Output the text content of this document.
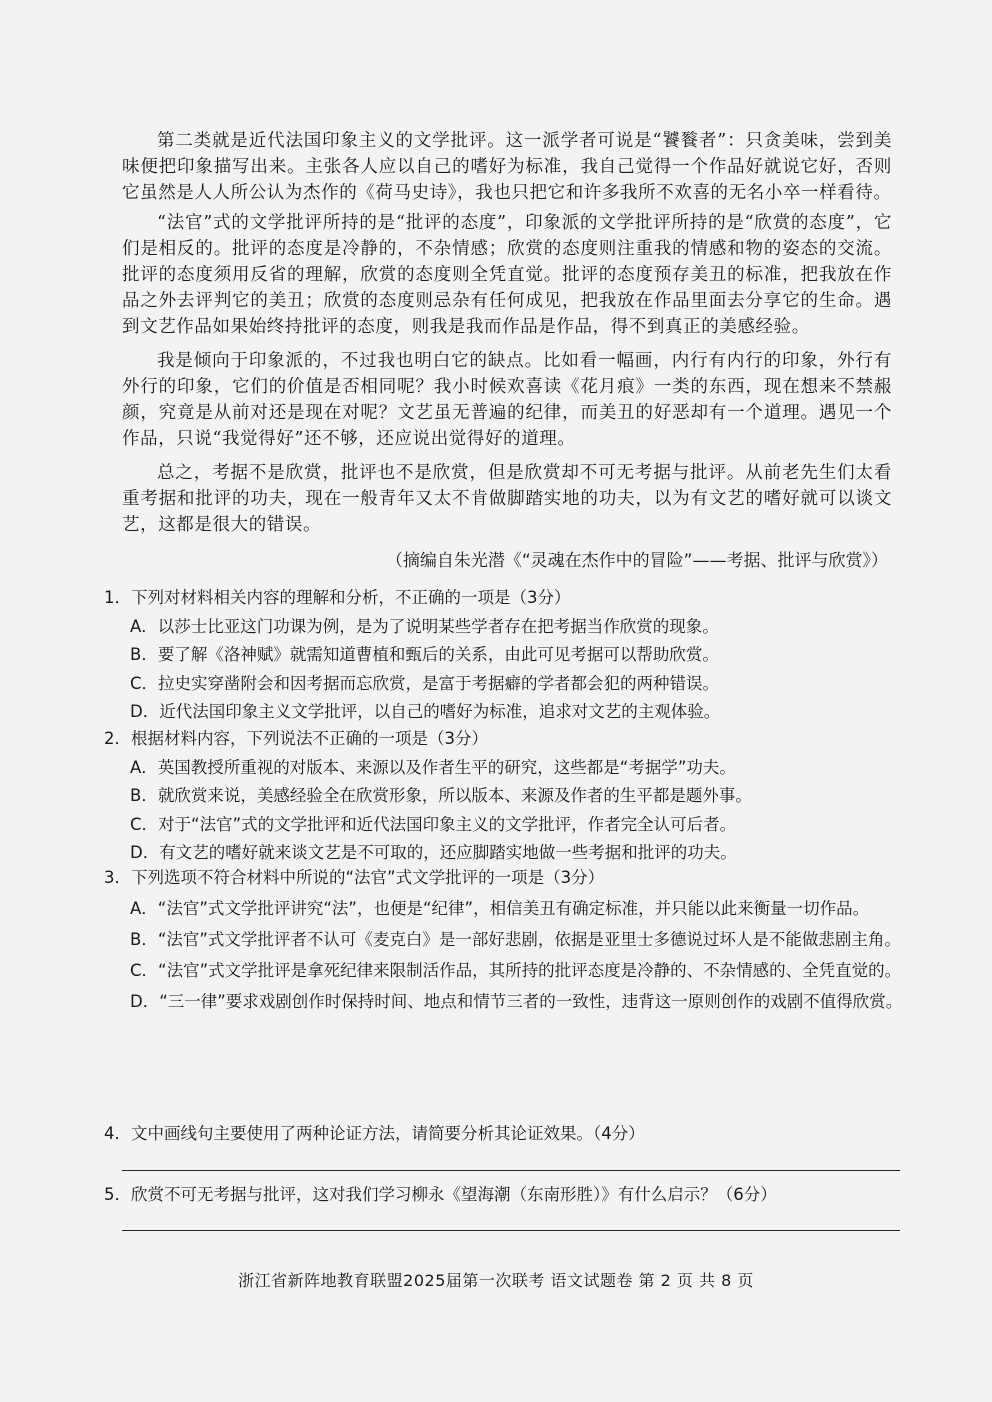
第二类就是近代法国印象主义的文学批评。这一派学者可说是“饕餮者”：只贪美味，尝到美味便把印象描写出来。主张各人应以自己的嗜好为标准，我自己觉得一个作品好就说它好，否则它虽然是人人所公认为杰作的《荷马史诗》，我也只把它和许多我所不欢喜的无名小卒一样看待。
“法官”式的文学批评所持的是“批评的态度”，印象派的文学批评所持的是“欣赏的态度”，它们是相反的。批评的态度是冷静的，不杂情感；欣赏的态度则注重我的情感和物的姿态的交流。批评的态度须用反省的理解，欣赏的态度则全凭直觉。批评的态度预存美丑的标准，把我放在作品之外去评判它的美丑；欣赏的态度则忌杂有任何成见，把我放在作品里面去分享它的生命。遇到文艺作品如果始终持批评的态度，则我是我而作品是作品，得不到真正的美感经验。
我是倾向于印象派的，不过我也明白它的缺点。比如看一幅画，内行有内行的印象，外行有外行的印象，它们的价值是否相同呢？我小时候欢喜读《花月痕》一类的东西，现在想来不禁赧颜，究竟是从前对还是现在对呢？文艺虽无普遍的纪律，而美丑的好恶却有一个道理。遇见一个作品，只说“我觉得好”还不够，还应说出觉得好的道理。
总之，考据不是欣赏，批评也不是欣赏，但是欣赏却不可无考据与批评。从前老先生们太看重考据和批评的功夫，现在一般青年又太不肯做脚踏实地的功夫，以为有文艺的嗜好就可以谈文艺，这都是很大的错误。
（摘编自朱光潜《“灵魂在杰作中的冒险”——考据、批评与欣赏》）
1．下列对材料相关内容的理解和分析，不正确的一项是（3分）
A．以莎士比亚这门功课为例，是为了说明某些学者存在把考据当作欣赏的现象。
B．要了解《洛神赋》就需知道曹植和甄后的关系，由此可见考据可以帮助欣赏。
C．拉史实穿凿附会和因考据而忘欣赏，是富于考据癖的学者都会犯的两种错误。
D．近代法国印象主义文学批评，以自己的嗜好为标准，追求对文艺的主观体验。
2．根据材料内容，下列说法不正确的一项是（3分）
A．英国教授所重视的对版本、来源以及作者生平的研究，这些都是“考据学”功夫。
B．就欣赏来说，美感经验全在欣赏形象，所以版本、来源及作者的生平都是题外事。
C．对于“法官”式的文学批评和近代法国印象主义的文学批评，作者完全认可后者。
D．有文艺的嗜好就来谈文艺是不可取的，还应脚踏实地做一些考据和批评的功夫。
3．下列选项不符合材料中所说的“法官”式文学批评的一项是（3分）
A．“法官”式文学批评讲究“法”，也便是“纪律”，相信美丑有确定标准，并只能以此来衡量一切作品。
B．“法官”式文学批评者不认可《麦克白》是一部好悲剧，依据是亚里士多德说过坏人是不能做悲剧主角。
C．“法官”式文学批评是拿死纪律来限制活作品，其所持的批评态度是冷静的、不杂情感的、全凭直觉的。
D．“三一律”要求戏剧创作时保持时间、地点和情节三者的一致性，违背这一原则创作的戏剧不值得欣赏。
4．文中画线句主要使用了两种论证方法，请简要分析其论证效果。（4分）
5．欣赏不可无考据与批评，这对我们学习柳永《望海潮（东南形胜）》有什么启示？（6分）
浙江省新阵地教育联盟2025届第一次联考 语文试题卷 第 2 页 共 8 页
